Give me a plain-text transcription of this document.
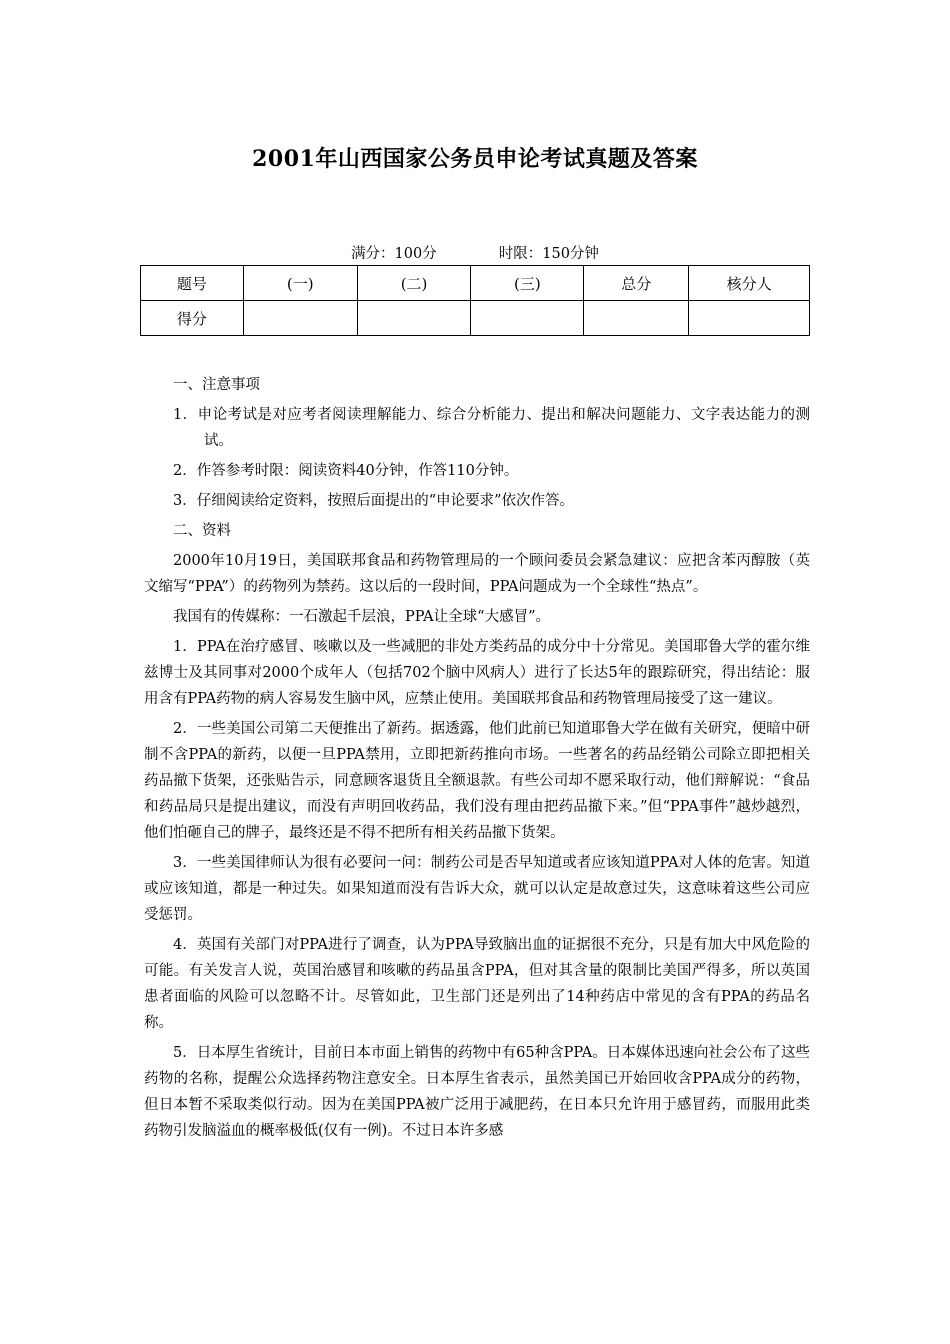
2001年山西国家公务员申论考试真题及答案
满分：100分	时限：150分钟
题号	(一)	(二)	(三)	总分	核分人
得分					

一、注意事项

1．申论考试是对应考者阅读理解能力、综合分析能力、提出和解决问题能力、文字表达能力的测试。

2．作答参考时限：阅读资料40分钟，作答110分钟。

3．仔细阅读给定资料，按照后面提出的“申论要求”依次作答。

二、资料

2000年10月19日，美国联邦食品和药物管理局的一个顾问委员会紧急建议：应把含苯丙醇胺（英文缩写“PPA”）的药物列为禁药。这以后的一段时间，PPA问题成为一个全球性“热点”。

我国有的传媒称：一石激起千层浪，PPA让全球“大感冒”。

1．PPA在治疗感冒、咳嗽以及一些减肥的非处方类药品的成分中十分常见。美国耶鲁大学的霍尔维兹博士及其同事对2000个成年人（包括702个脑中风病人）进行了长达5年的跟踪研究，得出结论：服用含有PPA药物的病人容易发生脑中风，应禁止使用。美国联邦食品和药物管理局接受了这一建议。

2．一些美国公司第二天便推出了新药。据透露，他们此前已知道耶鲁大学在做有关研究，便暗中研制不含PPA的新药，以便一旦PPA禁用，立即把新药推向市场。一些著名的药品经销公司除立即把相关药品撤下货架，还张贴告示，同意顾客退货且全额退款。有些公司却不愿采取行动，他们辩解说：“食品和药品局只是提出建议，而没有声明回收药品，我们没有理由把药品撤下来。”但“PPA事件”越炒越烈，他们怕砸自己的牌子，最终还是不得不把所有相关药品撤下货架。

3．一些美国律师认为很有必要问一问：制药公司是否早知道或者应该知道PPA对人体的危害。知道或应该知道，都是一种过失。如果知道而没有告诉大众，就可以认定是故意过失，这意味着这些公司应受惩罚。

4．英国有关部门对PPA进行了调查，认为PPA导致脑出血的证据很不充分，只是有加大中风危险的可能。有关发言人说，英国治感冒和咳嗽的药品虽含PPA，但对其含量的限制比美国严得多，所以英国患者面临的风险可以忽略不计。尽管如此，卫生部门还是列出了14种药店中常见的含有PPA的药品名称。

5．日本厚生省统计，目前日本市面上销售的药物中有65种含PPA。日本媒体迅速向社会公布了这些药物的名称，提醒公众选择药物注意安全。日本厚生省表示，虽然美国已开始回收含PPA成分的药物，但日本暂不采取类似行动。因为在美国PPA被广泛用于减肥药，在日本只允许用于感冒药，而服用此类药物引发脑溢血的概率极低(仅有一例)。不过日本许多感
